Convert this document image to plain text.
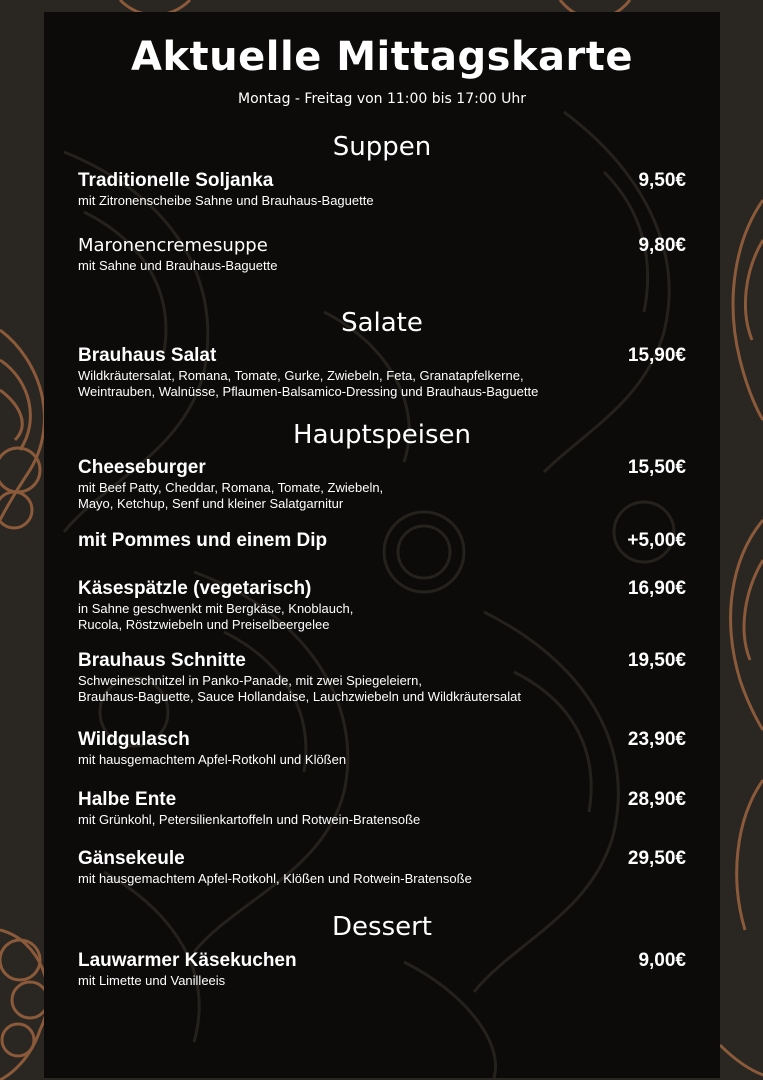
Aktuelle Mittagskarte
Montag - Freitag von 11:00 bis 17:00 Uhr
Suppen
Traditionelle Soljanka
mit Zitronenscheibe Sahne und Brauhaus-Baguette
9,50€
Maronencremesuppe
mit Sahne und Brauhaus-Baguette
9,80€
Salate
Brauhaus Salat
Wildkräutersalat, Romana, Tomate, Gurke, Zwiebeln, Feta, Granatapfelkerne,
Weintrauben, Walnüsse, Pflaumen-Balsamico-Dressing und Brauhaus-Baguette
15,90€
Hauptspeisen
Cheeseburger
mit Beef Patty, Cheddar, Romana, Tomate, Zwiebeln,
Mayo, Ketchup, Senf und kleiner Salatgarnitur
15,50€
mit Pommes und einem Dip	+5,00€
Käsespätzle (vegetarisch)
in Sahne geschwenkt mit Bergkäse, Knoblauch,
Rucola, Röstzwiebeln und Preiselbeergelee
16,90€
Brauhaus Schnitte
Schweineschnitzel in Panko-Panade, mit zwei Spiegeleiern,
Brauhaus-Baguette, Sauce Hollandaise, Lauchzwiebeln und Wildkräutersalat
19,50€
Wildgulasch
mit hausgemachtem Apfel-Rotkohl und Klößen
23,90€
Halbe Ente
mit Grünkohl, Petersilienkartoffeln und Rotwein-Bratensoße
28,90€
Gänsekeule
mit hausgemachtem Apfel-Rotkohl, Klößen und Rotwein-Bratensoße
29,50€
Dessert
Lauwarmer Käsekuchen
mit Limette und Vanilleeis
9,00€
